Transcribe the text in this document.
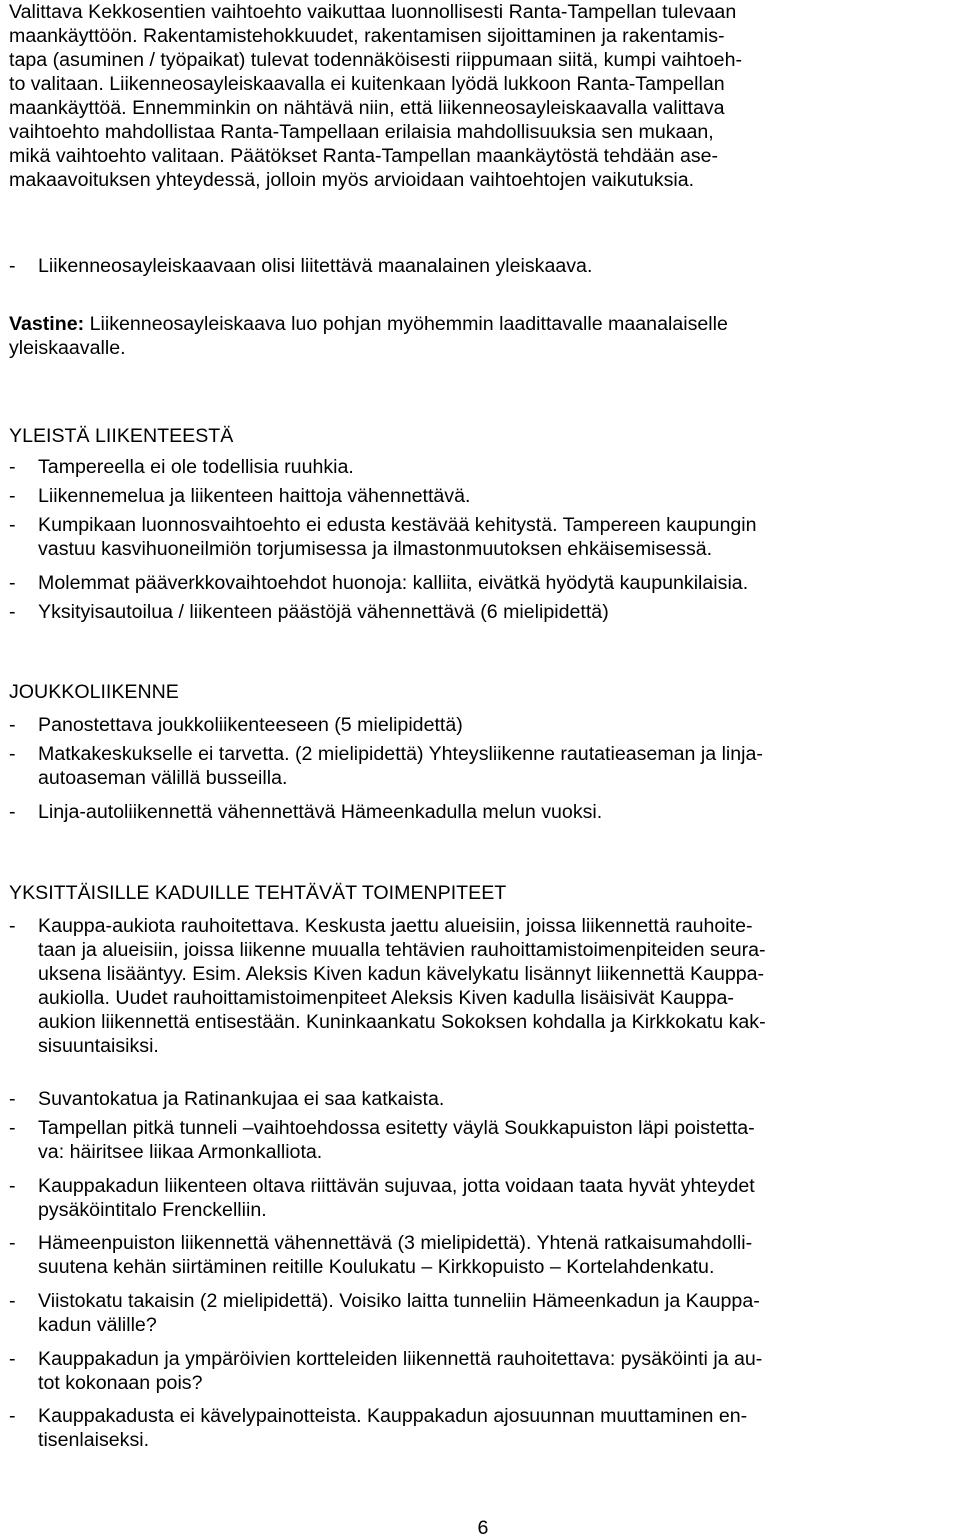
Valittava Kekkosentien vaihtoehto vaikuttaa luonnollisesti Ranta-Tampellan tulevaan
maankäyttöön. Rakentamistehokkuudet, rakentamisen sijoittaminen ja rakentamis-
tapa (asuminen / työpaikat) tulevat todennäköisesti riippumaan siitä, kumpi vaihtoeh-
to valitaan. Liikenneosayleiskaavalla ei kuitenkaan lyödä lukkoon Ranta-Tampellan
maankäyttöä. Ennemminkin on nähtävä niin, että liikenneosayleiskaavalla valittava
vaihtoehto mahdollistaa Ranta-Tampellaan erilaisia mahdollisuuksia sen mukaan,
mikä vaihtoehto valitaan. Päätökset Ranta-Tampellan maankäytöstä tehdään ase-
makaavoituksen yhteydessä, jolloin myös arvioidaan vaihtoehtojen vaikutuksia.
-	Liikenneosayleiskaavaan olisi liitettävä maanalainen yleiskaava.
Vastine: Liikenneosayleiskaava luo pohjan myöhemmin laadittavalle maanalaiselle
yleiskaavalle.
YLEISTÄ LIIKENTEESTÄ
-	Tampereella ei ole todellisia ruuhkia.
-	Liikennemelua ja liikenteen haittoja vähennettävä.
-	Kumpikaan luonnosvaihtoehto ei edusta kestävää kehitystä. Tampereen kaupungin
vastuu kasvihuoneilmiön torjumisessa ja ilmastonmuutoksen ehkäisemisessä.
-	Molemmat pääverkkovaihtoehdot huonoja: kalliita, eivätkä hyödytä kaupunkilaisia.
-	Yksityisautoilua / liikenteen päästöjä vähennettävä (6 mielipidettä)
JOUKKOLIIKENNE
-	Panostettava joukkoliikenteeseen (5 mielipidettä)
-	Matkakeskukselle ei tarvetta. (2 mielipidettä) Yhteysliikenne rautatieaseman ja linja-
autoaseman välillä busseilla.
-	Linja-autoliikennettä vähennettävä Hämeenkadulla melun vuoksi.
YKSITTÄISILLE KADUILLE TEHTÄVÄT TOIMENPITEET
-	Kauppa-aukiota rauhoitettava. Keskusta jaettu alueisiin, joissa liikennettä rauhoite-
taan ja alueisiin, joissa liikenne muualla tehtävien rauhoittamistoimenpiteiden seura-
uksena lisääntyy. Esim. Aleksis Kiven kadun kävelykatu lisännyt liikennettä Kauppa-
aukiolla. Uudet rauhoittamistoimenpiteet Aleksis Kiven kadulla lisäisivät Kauppa-
aukion liikennettä entisestään. Kuninkaankatu Sokoksen kohdalla ja Kirkkokatu kak-
sisuuntaisiksi.
-	Suvantokatua ja Ratinankujaa ei saa katkaista.
-	Tampellan pitkä tunneli –vaihtoehdossa esitetty väylä Soukkapuiston läpi poistetta-
va: häiritsee liikaa Armonkalliota.
-	Kauppakadun liikenteen oltava riittävän sujuvaa, jotta voidaan taata hyvät yhteydet
pysäköintitalo Frenckelliin.
-	Hämeenpuiston liikennettä vähennettävä (3 mielipidettä). Yhtenä ratkaisumahdolli-
suutena kehän siirtäminen reitille Koulukatu – Kirkkopuisto – Kortelahdenkatu.
-	Viistokatu takaisin (2 mielipidettä). Voisiko laitta tunneliin Hämeenkadun ja Kauppa-
kadun välille?
-	Kauppakadun ja ympäröivien kortteleiden liikennettä rauhoitettava: pysäköinti ja au-
tot kokonaan pois?
-	Kauppakadusta ei kävelypainotteista. Kauppakadun ajosuunnan muuttaminen en-
tisenlaiseksi.
6
